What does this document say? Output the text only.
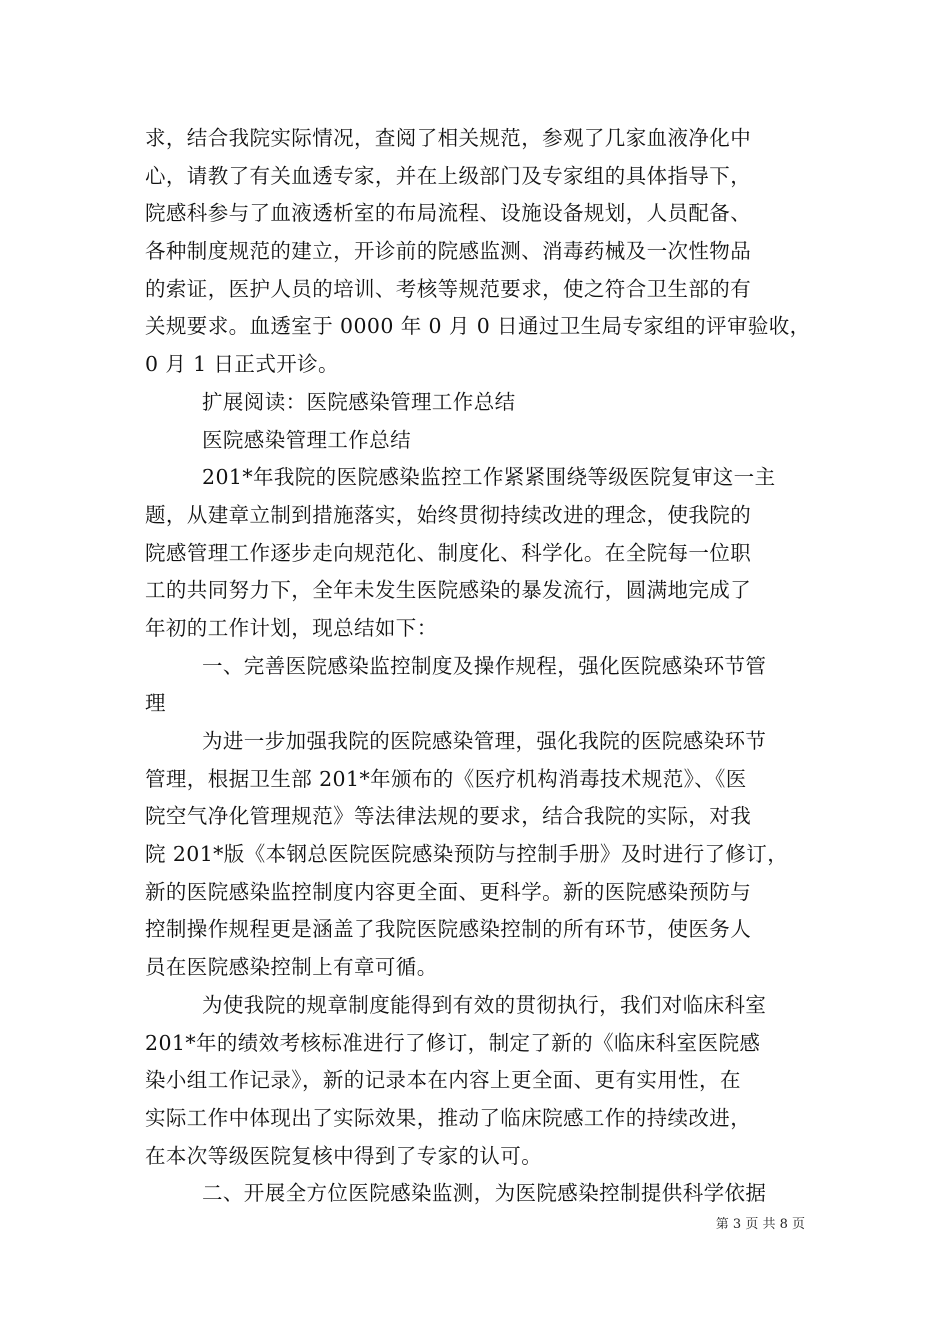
求，结合我院实际情况，查阅了相关规范，参观了几家血液净化中
心，请教了有关血透专家，并在上级部门及专家组的具体指导下，
院感科参与了血液透析室的布局流程、设施设备规划，人员配备、
各种制度规范的建立，开诊前的院感监测、消毒药械及一次性物品
的索证，医护人员的培训、考核等规范要求，使之符合卫生部的有
关规要求。血透室于 0000 年 0 月 0 日通过卫生局专家组的评审验收，
0 月 1 日正式开诊。
扩展阅读：医院感染管理工作总结
医院感染管理工作总结
201*年我院的医院感染监控工作紧紧围绕等级医院复审这一主
题，从建章立制到措施落实，始终贯彻持续改进的理念，使我院的
院感管理工作逐步走向规范化、制度化、科学化。在全院每一位职
工的共同努力下，全年未发生医院感染的暴发流行，圆满地完成了
年初的工作计划，现总结如下：
一、完善医院感染监控制度及操作规程，强化医院感染环节管
理
为进一步加强我院的医院感染管理，强化我院的医院感染环节
管理，根据卫生部 201*年颁布的《医疗机构消毒技术规范》、《医
院空气净化管理规范》等法律法规的要求，结合我院的实际，对我
院 201*版《本钢总医院医院感染预防与控制手册》及时进行了修订，
新的医院感染监控制度内容更全面、更科学。新的医院感染预防与
控制操作规程更是涵盖了我院医院感染控制的所有环节，使医务人
员在医院感染控制上有章可循。
为使我院的规章制度能得到有效的贯彻执行，我们对临床科室
201*年的绩效考核标准进行了修订，制定了新的《临床科室医院感
染小组工作记录》，新的记录本在内容上更全面、更有实用性，在
实际工作中体现出了实际效果，推动了临床院感工作的持续改进，
在本次等级医院复核中得到了专家的认可。
二、开展全方位医院感染监测，为医院感染控制提供科学依据
第 3 页 共 8 页
